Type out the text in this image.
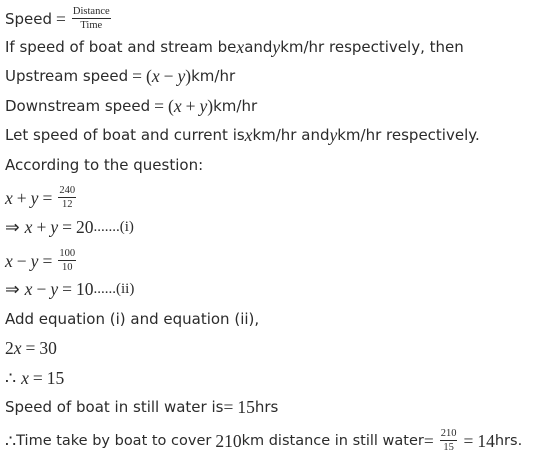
Speed = $\frac{\text{Distance}}{\text{Time}}$
If speed of boat and stream be x and y km/hr respectively, then
Upstream speed = ( x − y ) km/hr
Downstream speed = ( x + y ) km/hr
Let speed of boat and current is x km/hr and y km/hr respectively.
According to the question:
$x + y = \frac{240}{12}$
⇒ x + y = 20 .......(i)
$x - y = \frac{100}{10}$
⇒ x − y = 10 ......(ii)
Add equation (i) and equation (ii),
2 x = 30
∴ x = 15
Speed of boat in still water is = 15 hrs
∴ Time take by boat to cover 210 km distance in still water = $\frac{210}{15} = 14$ hrs.
